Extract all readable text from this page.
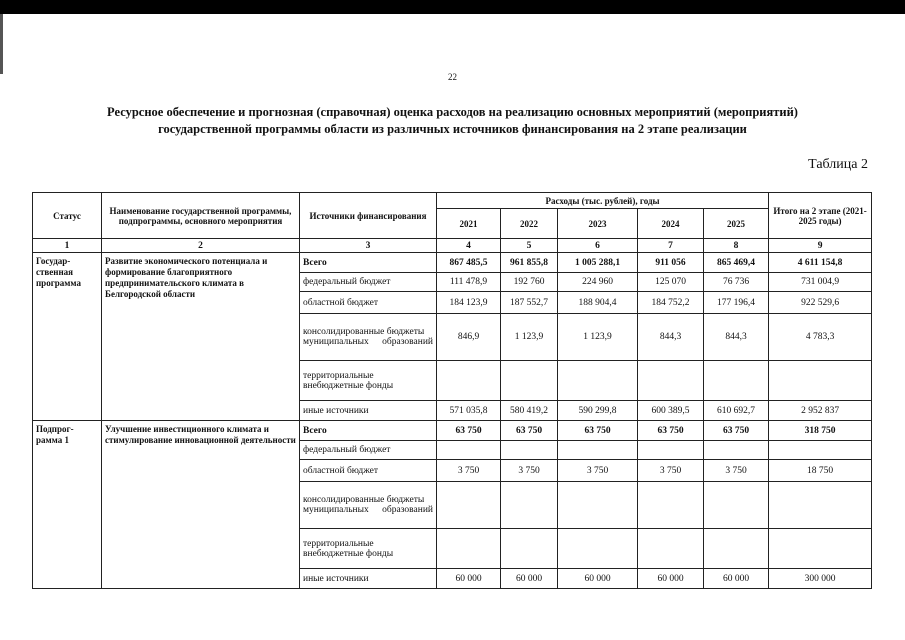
22
Ресурсное обеспечение и прогнозная (справочная) оценка расходов на реализацию основных мероприятий (мероприятий)
государственной программы области из различных источников финансирования на 2 этапе реализации
Таблица 2
Статус	Наименование государственной программы, подпрограммы, основного мероприятия	Источники финансирования	Расходы (тыс. рублей), годы					Итого на 2 этапе (2021-2025 годы)
			2021	2022	2023	2024	2025	
1	2	3	4	5	6	7	8	9
Государ-ственная программа	Развитие экономического потенциала и формирование благоприятного предпринимательского климата в Белгородской области	Всего	867 485,5	961 855,8	1 005 288,1	911 056	865 469,4	4 611 154,8
		федеральный бюджет	111 478,9	192 760	224 960	125 070	76 736	731 004,9
		областной бюджет	184 123,9	187 552,7	188 904,4	184 752,2	177 196,4	922 529,6
		консолидированные бюджеты муниципальных образований	846,9	1 123,9	1 123,9	844,3	844,3	4 783,3
		территориальные внебюджетные фонды						
		иные источники	571 035,8	580 419,2	590 299,8	600 389,5	610 692,7	2 952 837
Подпрог-рамма 1	Улучшение инвестиционного климата и стимулирование инновационной деятельности	Всего	63 750	63 750	63 750	63 750	63 750	318 750
		федеральный бюджет						
		областной бюджет	3 750	3 750	3 750	3 750	3 750	18 750
		консолидированные бюджеты муниципальных образований						
		территориальные внебюджетные фонды						
		иные источники	60 000	60 000	60 000	60 000	60 000	300 000
